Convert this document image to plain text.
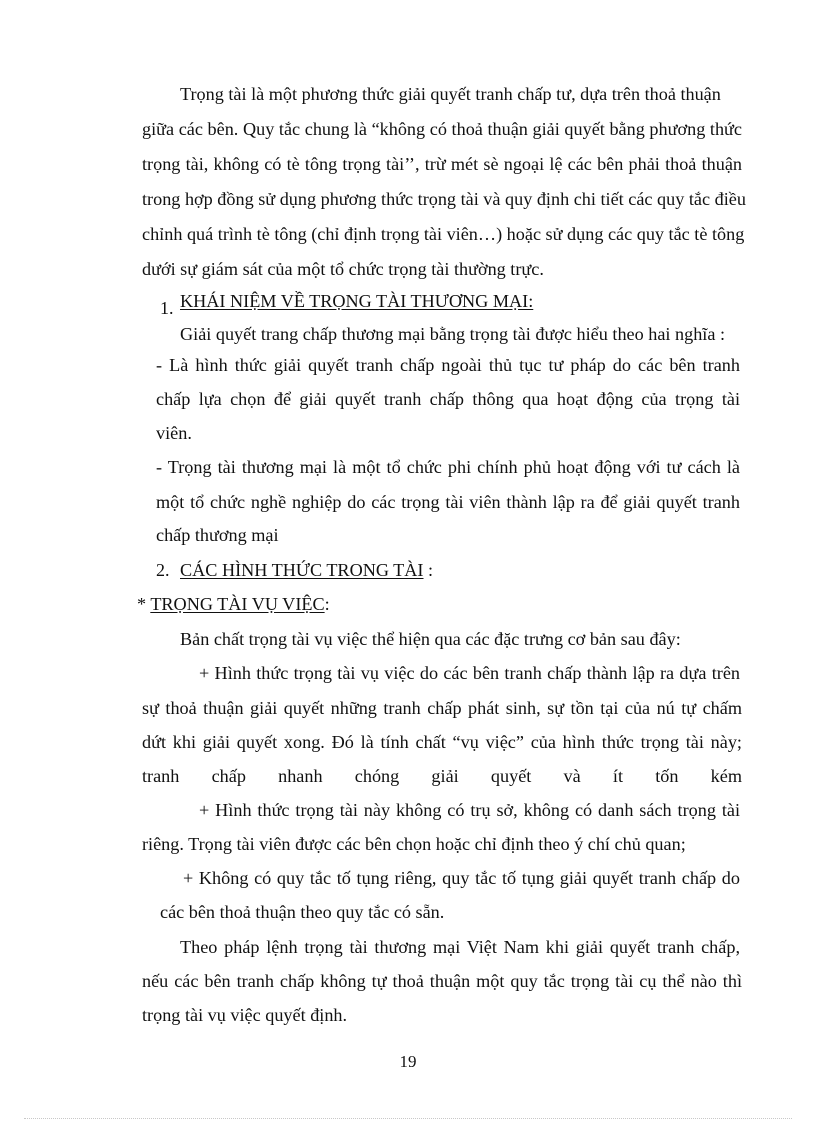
Trọng tài là một phương thức giải quyết tranh chấp tư, dựa trên thoả thuận
giữa các bên. Quy tắc chung là “không có thoả thuận giải quyết bằng phương thức
trọng tài, không có tè tông trọng tài’’, trừ mét sè ngoại lệ các bên phải thoả thuận
trong hợp đồng sử dụng phương thức trọng tài và quy định chi tiết các quy tắc điều
chỉnh quá trình tè tông (chỉ định trọng tài viên…) hoặc sử dụng các quy tắc tè tông
dưới sự giám sát của một tổ chức trọng tài thường trực.
1. KHÁI NIỆM VỀ TRỌNG TÀI THƯƠNG MẠI:
Giải quyết trang chấp thương mại bằng trọng tài được hiểu theo hai nghĩa :
- Là hình thức giải quyết tranh chấp ngoài thủ tục tư pháp do các bên tranh
chấp lựa chọn để giải quyết tranh chấp thông qua hoạt động của trọng tài
viên.
- Trọng tài thương mại là một tổ chức phi chính phủ hoạt động với tư cách là
một tổ chức nghề nghiệp do các trọng tài viên thành lập ra để giải quyết tranh
chấp thương mại
2. CÁC HÌNH THỨC TRONG TÀI :
* TRỌNG TÀI VỤ VIỆC:
Bản chất trọng tài vụ việc thể hiện qua các đặc trưng cơ bản sau đây:
+ Hình thức trọng tài vụ việc do các bên tranh chấp thành lập ra dựa trên
sự thoả thuận giải quyết những tranh chấp phát sinh, sự tồn tại của nú tự chấm
dứt khi giải quyết xong. Đó là tính chất “vụ việc” của hình thức trọng tài này;
tranh chấp nhanh chóng giải quyết và ít tốn kém
+ Hình thức trọng tài này không có trụ sở, không có danh sách trọng tài
riêng. Trọng tài viên được các bên chọn hoặc chỉ định theo ý chí chủ quan;
+ Không có quy tắc tố tụng riêng, quy tắc tố tụng giải quyết tranh chấp do
các bên thoả thuận theo quy tắc có sẵn.
Theo pháp lệnh trọng tài thương mại Việt Nam khi giải quyết tranh chấp,
nếu các bên tranh chấp không tự thoả thuận một quy tắc trọng tài cụ thể nào thì
trọng tài vụ việc quyết định.
19
